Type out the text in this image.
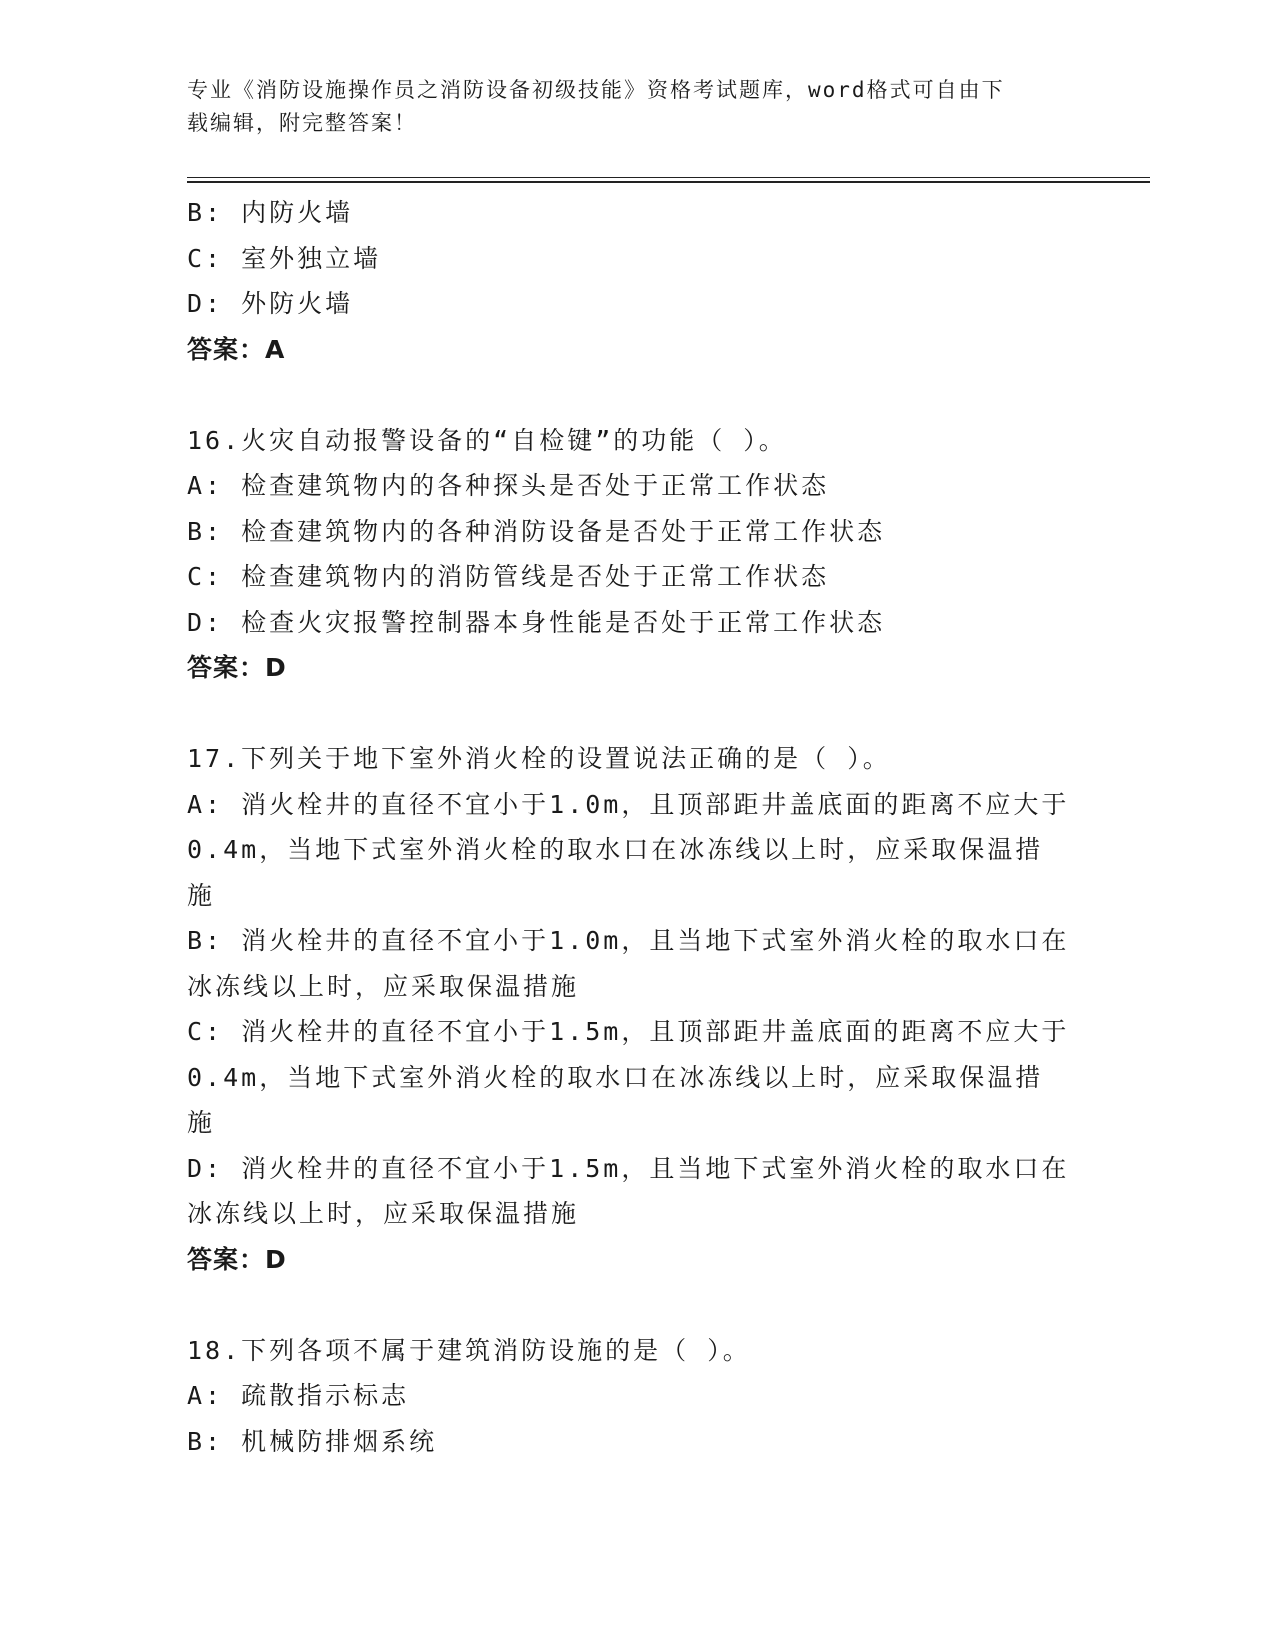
专业《消防设施操作员之消防设备初级技能》资格考试题库，word格式可自由下
载编辑，附完整答案！
B: 内防火墙
C: 室外独立墙
D: 外防火墙
答案：A
16.火灾自动报警设备的“自检键”的功能（ ）。
A: 检查建筑物内的各种探头是否处于正常工作状态
B: 检查建筑物内的各种消防设备是否处于正常工作状态
C: 检查建筑物内的消防管线是否处于正常工作状态
D: 检查火灾报警控制器本身性能是否处于正常工作状态
答案：D
17.下列关于地下室外消火栓的设置说法正确的是（ ）。
A: 消火栓井的直径不宜小于1.0m，且顶部距井盖底面的距离不应大于
0.4m，当地下式室外消火栓的取水口在冰冻线以上时，应采取保温措
施
B: 消火栓井的直径不宜小于1.0m，且当地下式室外消火栓的取水口在
冰冻线以上时，应采取保温措施
C: 消火栓井的直径不宜小于1.5m，且顶部距井盖底面的距离不应大于
0.4m，当地下式室外消火栓的取水口在冰冻线以上时，应采取保温措
施
D: 消火栓井的直径不宜小于1.5m，且当地下式室外消火栓的取水口在
冰冻线以上时，应采取保温措施
答案：D
18.下列各项不属于建筑消防设施的是（ ）。
A: 疏散指示标志
B: 机械防排烟系统
